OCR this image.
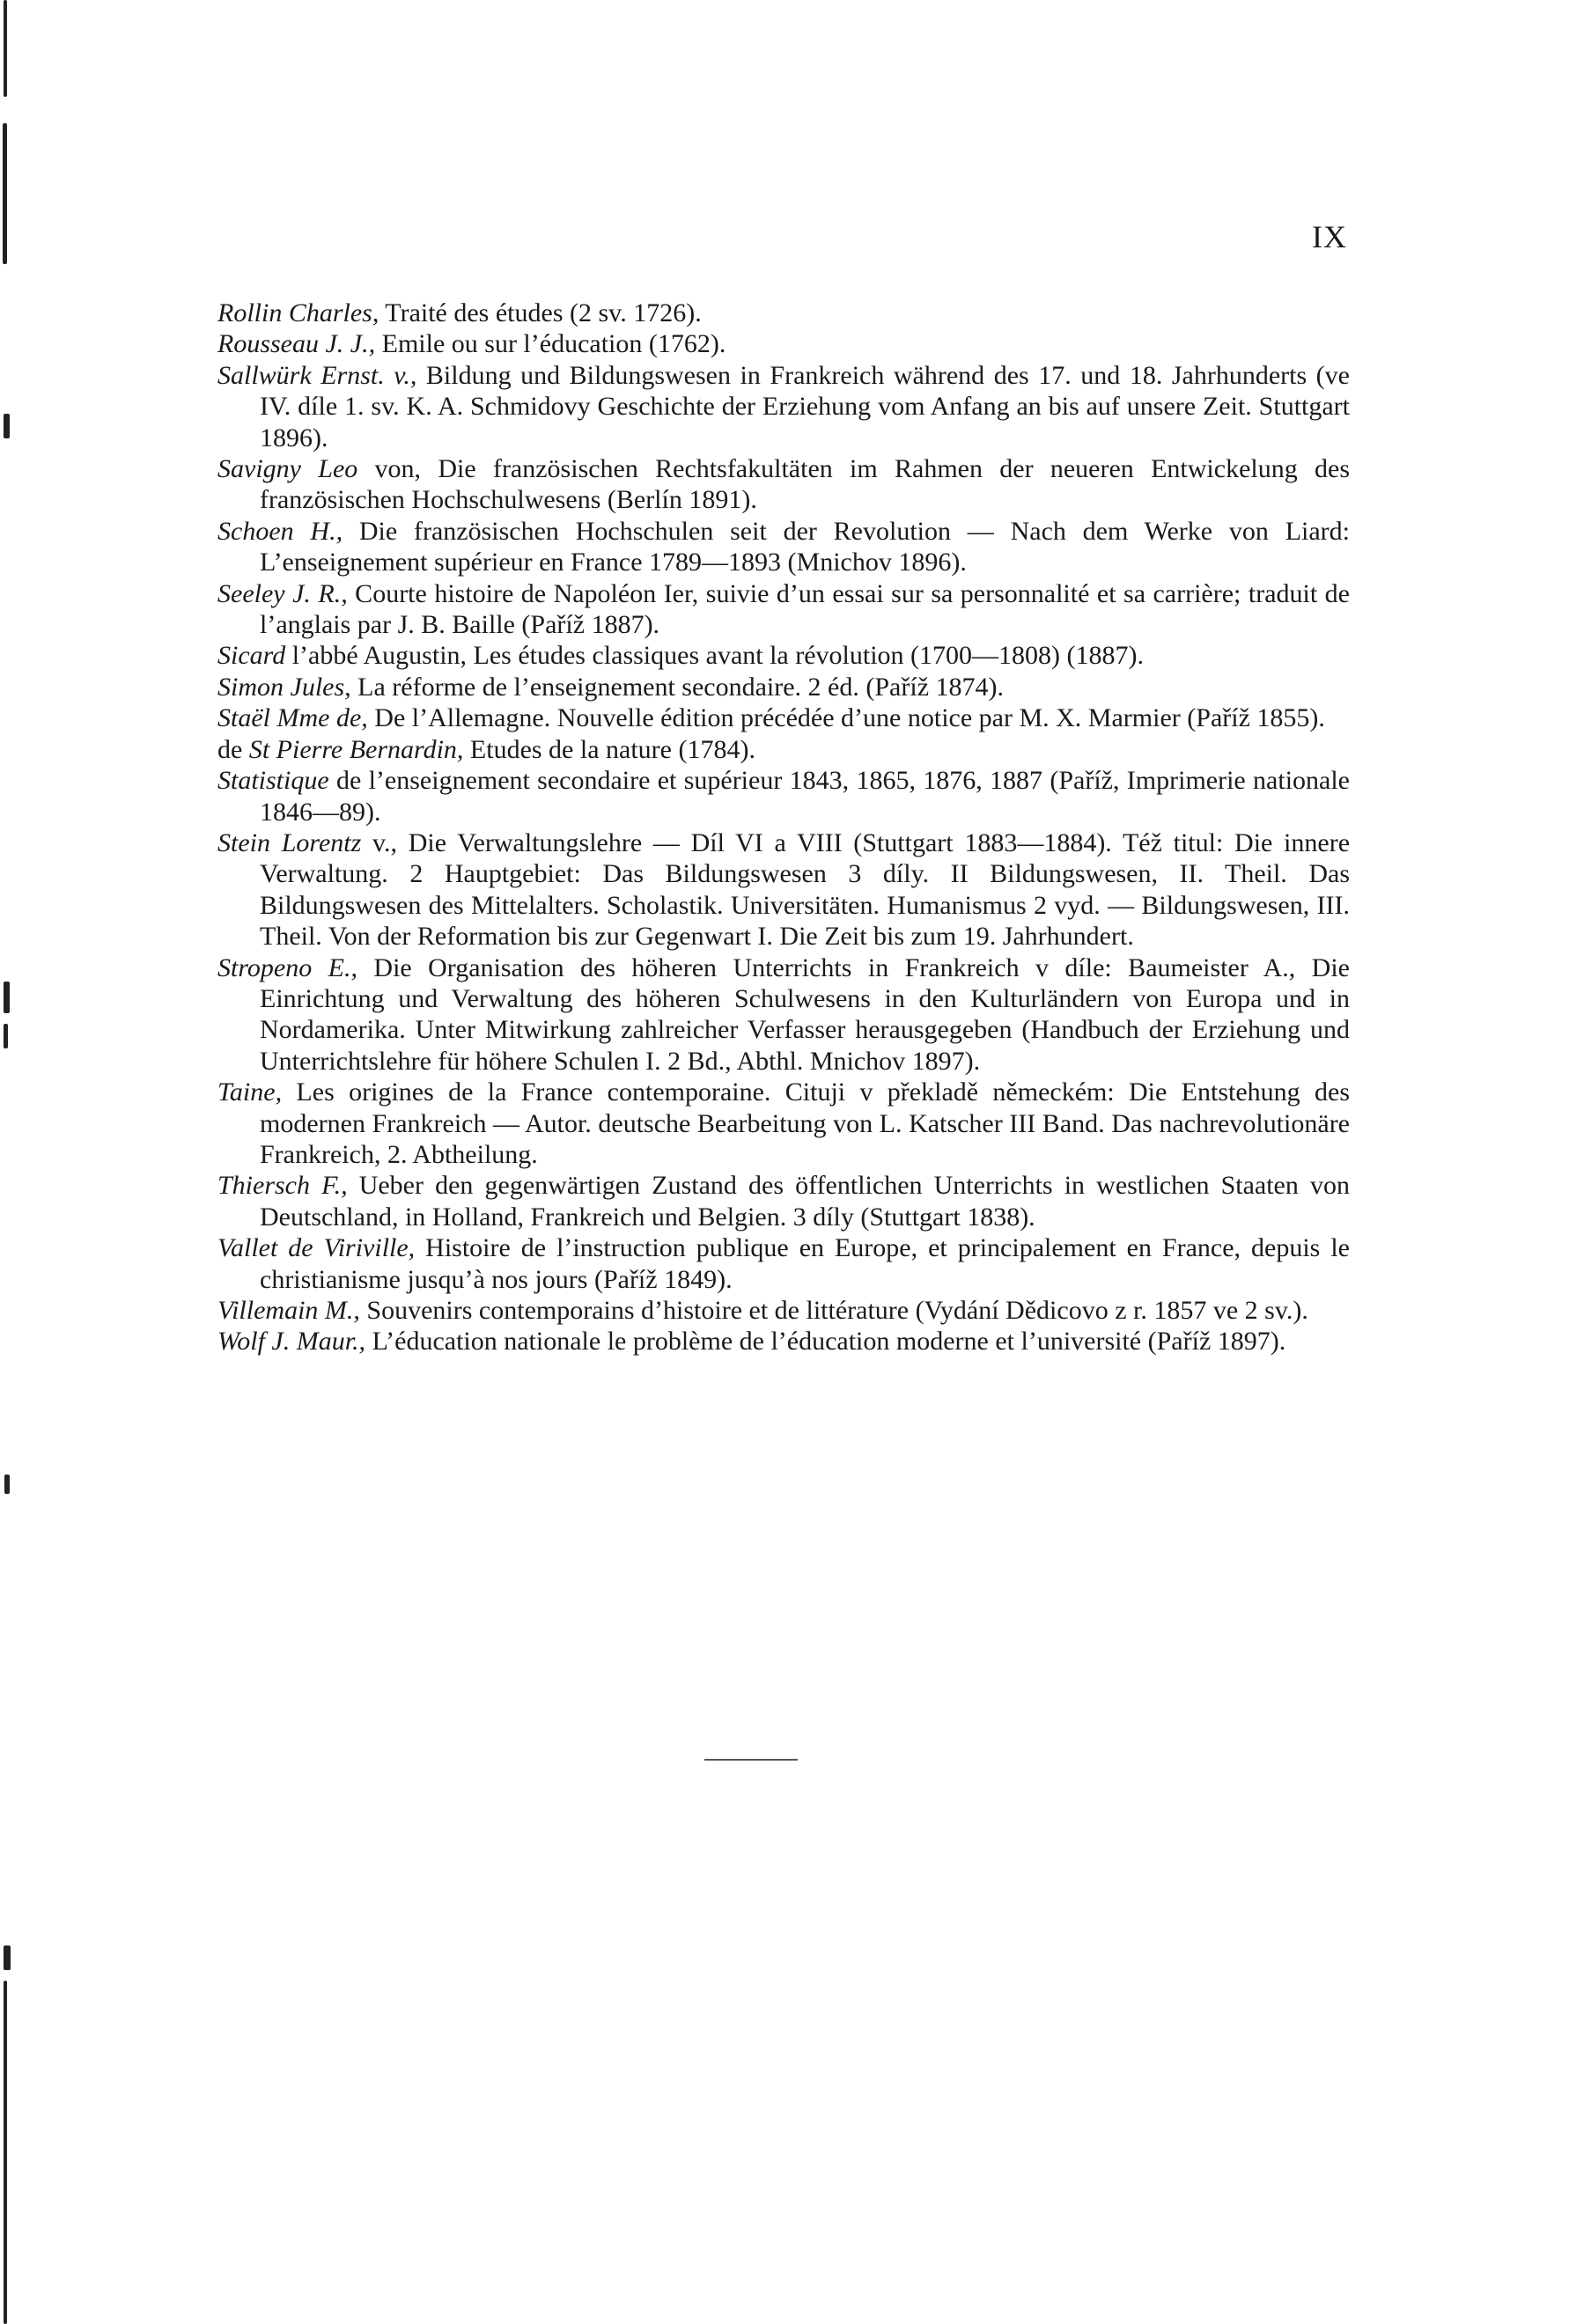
IX
Rollin Charles, Traité des études (2 sv. 1726).
Rousseau J. J., Emile ou sur l’éducation (1762).
Sallwürk Ernst. v., Bildung und Bildungswesen in Frankreich während des 17. und 18. Jahrhunderts (ve IV. díle 1. sv. K. A. Schmidovy Geschichte der Erziehung vom Anfang an bis auf unsere Zeit. Stuttgart 1896).
Savigny Leo von, Die französischen Rechtsfakultäten im Rahmen der neueren Entwickelung des französischen Hochschulwesens (Berlín 1891).
Schoen H., Die französischen Hochschulen seit der Revolution — Nach dem Werke von Liard: L’enseignement supérieur en France 1789—1893 (Mnichov 1896).
Seeley J. R., Courte histoire de Napoléon Ier, suivie d’un essai sur sa personnalité et sa carrière; traduit de l’anglais par J. B. Baille (Paříž 1887).
Sicard l’abbé Augustin, Les études classiques avant la révolution (1700—1808) (1887).
Simon Jules, La réforme de l’enseignement secondaire. 2 éd. (Paříž 1874).
Staël Mme de, De l’Allemagne. Nouvelle édition précédée d’une notice par M. X. Marmier (Paříž 1855).
de St Pierre Bernardin, Etudes de la nature (1784).
Statistique de l’enseignement secondaire et supérieur 1843, 1865, 1876, 1887 (Paříž, Imprimerie nationale 1846—89).
Stein Lorentz v., Die Verwaltungslehre — Díl VI a VIII (Stuttgart 1883—1884). Též titul: Die innere Verwaltung. 2 Hauptgebiet: Das Bildungswesen 3 díly. II Bildungswesen, II. Theil. Das Bildungswesen des Mittelalters. Scholastik. Universitäten. Humanismus 2 vyd. — Bildungswesen, III. Theil. Von der Reformation bis zur Gegenwart I. Die Zeit bis zum 19. Jahrhundert.
Stropeno E., Die Organisation des höheren Unterrichts in Frankreich v díle: Baumeister A., Die Einrichtung und Verwaltung des höheren Schulwesens in den Kulturländern von Europa und in Nordamerika. Unter Mitwirkung zahlreicher Verfasser herausgegeben (Handbuch der Erziehung und Unterrichtslehre für höhere Schulen I. 2 Bd., Abthl. Mnichov 1897).
Taine, Les origines de la France contemporaine. Cituji v překladě německém: Die Entstehung des modernen Frankreich — Autor. deutsche Bearbeitung von L. Katscher III Band. Das nachrevolutionäre Frankreich, 2. Abtheilung.
Thiersch F., Ueber den gegenwärtigen Zustand des öffentlichen Unterrichts in westlichen Staaten von Deutschland, in Holland, Frankreich und Belgien. 3 díly (Stuttgart 1838).
Vallet de Viriville, Histoire de l’instruction publique en Europe, et principalement en France, depuis le christianisme jusqu’à nos jours (Paříž 1849).
Villemain M., Souvenirs contemporains d’histoire et de littérature (Vydání Dědicovo z r. 1857 ve 2 sv.).
Wolf J. Maur., L’éducation nationale le problème de l’éducation moderne et l’université (Paříž 1897).
